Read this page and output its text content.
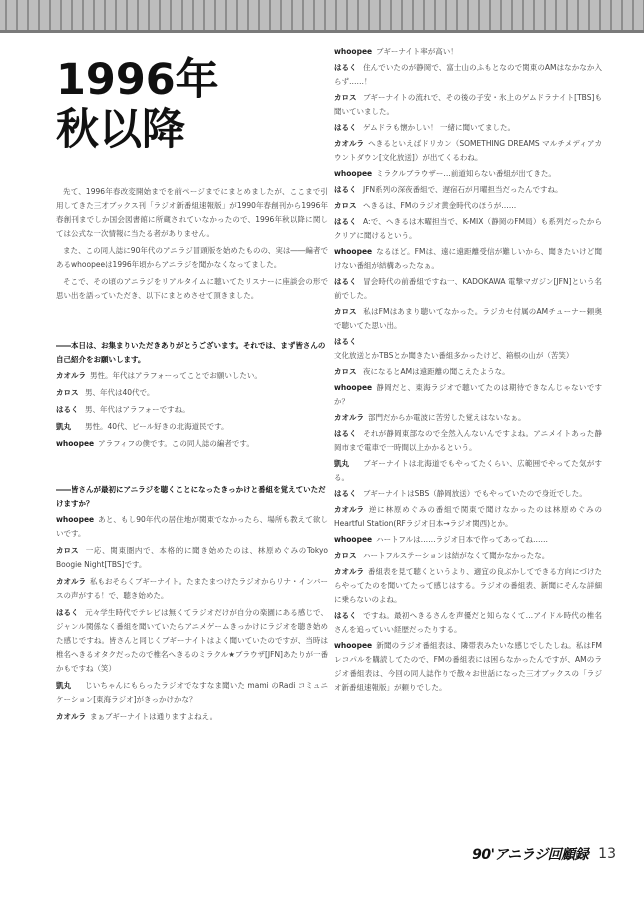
1996年
秋以降

先て、1996年春改変開始までを前ページまでにまとめましたが、ここまで引用してきた三才ブックス刊「ラジオ新番組速報版」が1990年春創刊から1996年春創刊までしか国会図書館に所蔵されていなかったので、1996年秋以降に関しては公式な一次情報に当たる者がありません。

また、この同人誌に90年代のアニラジ冒頭版を始めたものの、実は――編者であるwhoopeeは1996年頃からアニラジを聞かなくなってました。

そこで、その頃のアニラジをリアルタイムに聴いてたリスナーに座談会の形で思い出を語っていただき、以下にまとめさせて頂きました。

――本日は、お集まりいただきありがとうございます。それでは、まず皆さんの自己紹介をお願いします。
カオルラ 男性。年代はアラフォーってことでお願いしたい。
カロス 男、年代は40代で。
はるく 男、年代はアラフォーですね。
凱丸 男性。40代、ビール好きの北海道民です。
whoopee アラフィフの僕です。この同人誌の編者です。
――皆さんが最初にアニラジを聴くことになったきっかけと番組を覚えていただけますか？
whoopee あと、もし90年代の居住地が関東でなかったら、場所も教えて欲しいです。
カロス 一応、関東圏内で、本格的に聞き始めたのは、林原めぐみのTokyo Boogie Night[TBS]です。
カオルラ 私もおそらくブギーナイト。たまたまつけたラジオからリナ・インバースの声がする！で、聴き始めた。
はるく 元々学生時代でテレビは無くてラジオだけが自分の楽園にある感じで、ジャンル関係なく番組を聞いていたらアニメゲームきっかけにラジオを聴き始めた感じですね。皆さんと同じくブギーナイトはよく聞いていたのですが、当時は椎名へきるオタクだったので椎名へきるのミラクル★ブラウザ[JFN]あたりが一番かもですね（笑）
凱丸 じいちゃんにもらったラジオでなすなま聞いた mami のRadi コミュニケーション[東海ラジオ]がきっかけかな？
カオルラ まぁブギーナイトは通りますよねえ。
whoopee ブギーナイト率が高い！
はるく 住んでいたのが静岡で、富士山のふもとなので関東のAMはなかなか入らず……！
カロス ブギーナイトの流れで、その後の子安・氷上のゲムドラナイト[TBS]も聞いていました。
はるく ゲムドラも懐かしい！ 一緒に聞いてました。
カオルラ へきるといえばドリカン（SOMETHING DREAMS マルチメディアカウントダウン[文化放送]）が出てくるわね。
whoopee ミラクルブラウザー…前道知らない番組が出てきた。
はるく JFN系列の深夜番組で、遅宿石が月曜担当だったんですね。
カロス へきるは、FMのラジオ黄金時代のほうが……
はるく A:で、へきるは木曜担当で、K-MIX（静岡のFM局）も系列だったからクリアに聞けるという。
whoopee なるほど。FMは、遠に遠距離受信が難しいから、聞きたいけど聞けない番組が結構あったなぁ。
はるく 冒会時代の前番組ですね一、KADOKAWA 電撃マガジン[JFN]という名前でした。
カロス 私はFMはあまり聴いてなかった。ラジカセ付属のAMチューナー頼奥で聴いてた思い出。
はるく文化放送とかTBSとか聞きたい番組多かったけど、箱根の山が（苦笑）
カロス 夜になるとAMは遠距離の聞こえたような。
whoopee 静岡だと、東海ラジオで聴いてたのは期待できなんじゃないですか？
カオルラ 部門だからか電波に苦労した覚えはないなぁ。
はるく それが静岡東部なので全然入んないんですよね。アニメイトあった静岡市まで電車で一時間以上かかるという。
凱丸 ブギーナイトは北海道でもやってたくらい、広範囲でやってた気がする。
はるく ブギーナイトはSBS（静岡放送）でもやっていたので身近でした。
カオルラ 逆に林原めぐみの番組で関東で聞けなかったのは林原めぐみのHeartful Station(RFラジオ日本→ラジオ関西)とか。
whoopee ハートフルは……ラジオ日本で作ってあってね……
カロス ハートフルステーションは結がなくて聞かなかったな。
カオルラ 番組表を見て聴くというより、適宜の良ぶかしてできる方向にづけたらやってたのを聞いてたって感じはする。ラジオの番組表、新聞にそんな詳細に乗らないのよね。
はるく ですね。最初へきるさんを声優だと知らなくて…アイドル時代の椎名さんを追っていい経歴だったりする。
whoopee 新聞のラジオ番組表は、隣帯表みたいな感じでしたしね。私はFMレコパルを購読してたので、FMの番組表には困らなかったんですが、AMのラジオ番組表は、今回の同人誌作りで散々お世話になった三才ブックスの「ラジオ新番組速報版」が頼りでした。
90'アニラジ回顧録 13
